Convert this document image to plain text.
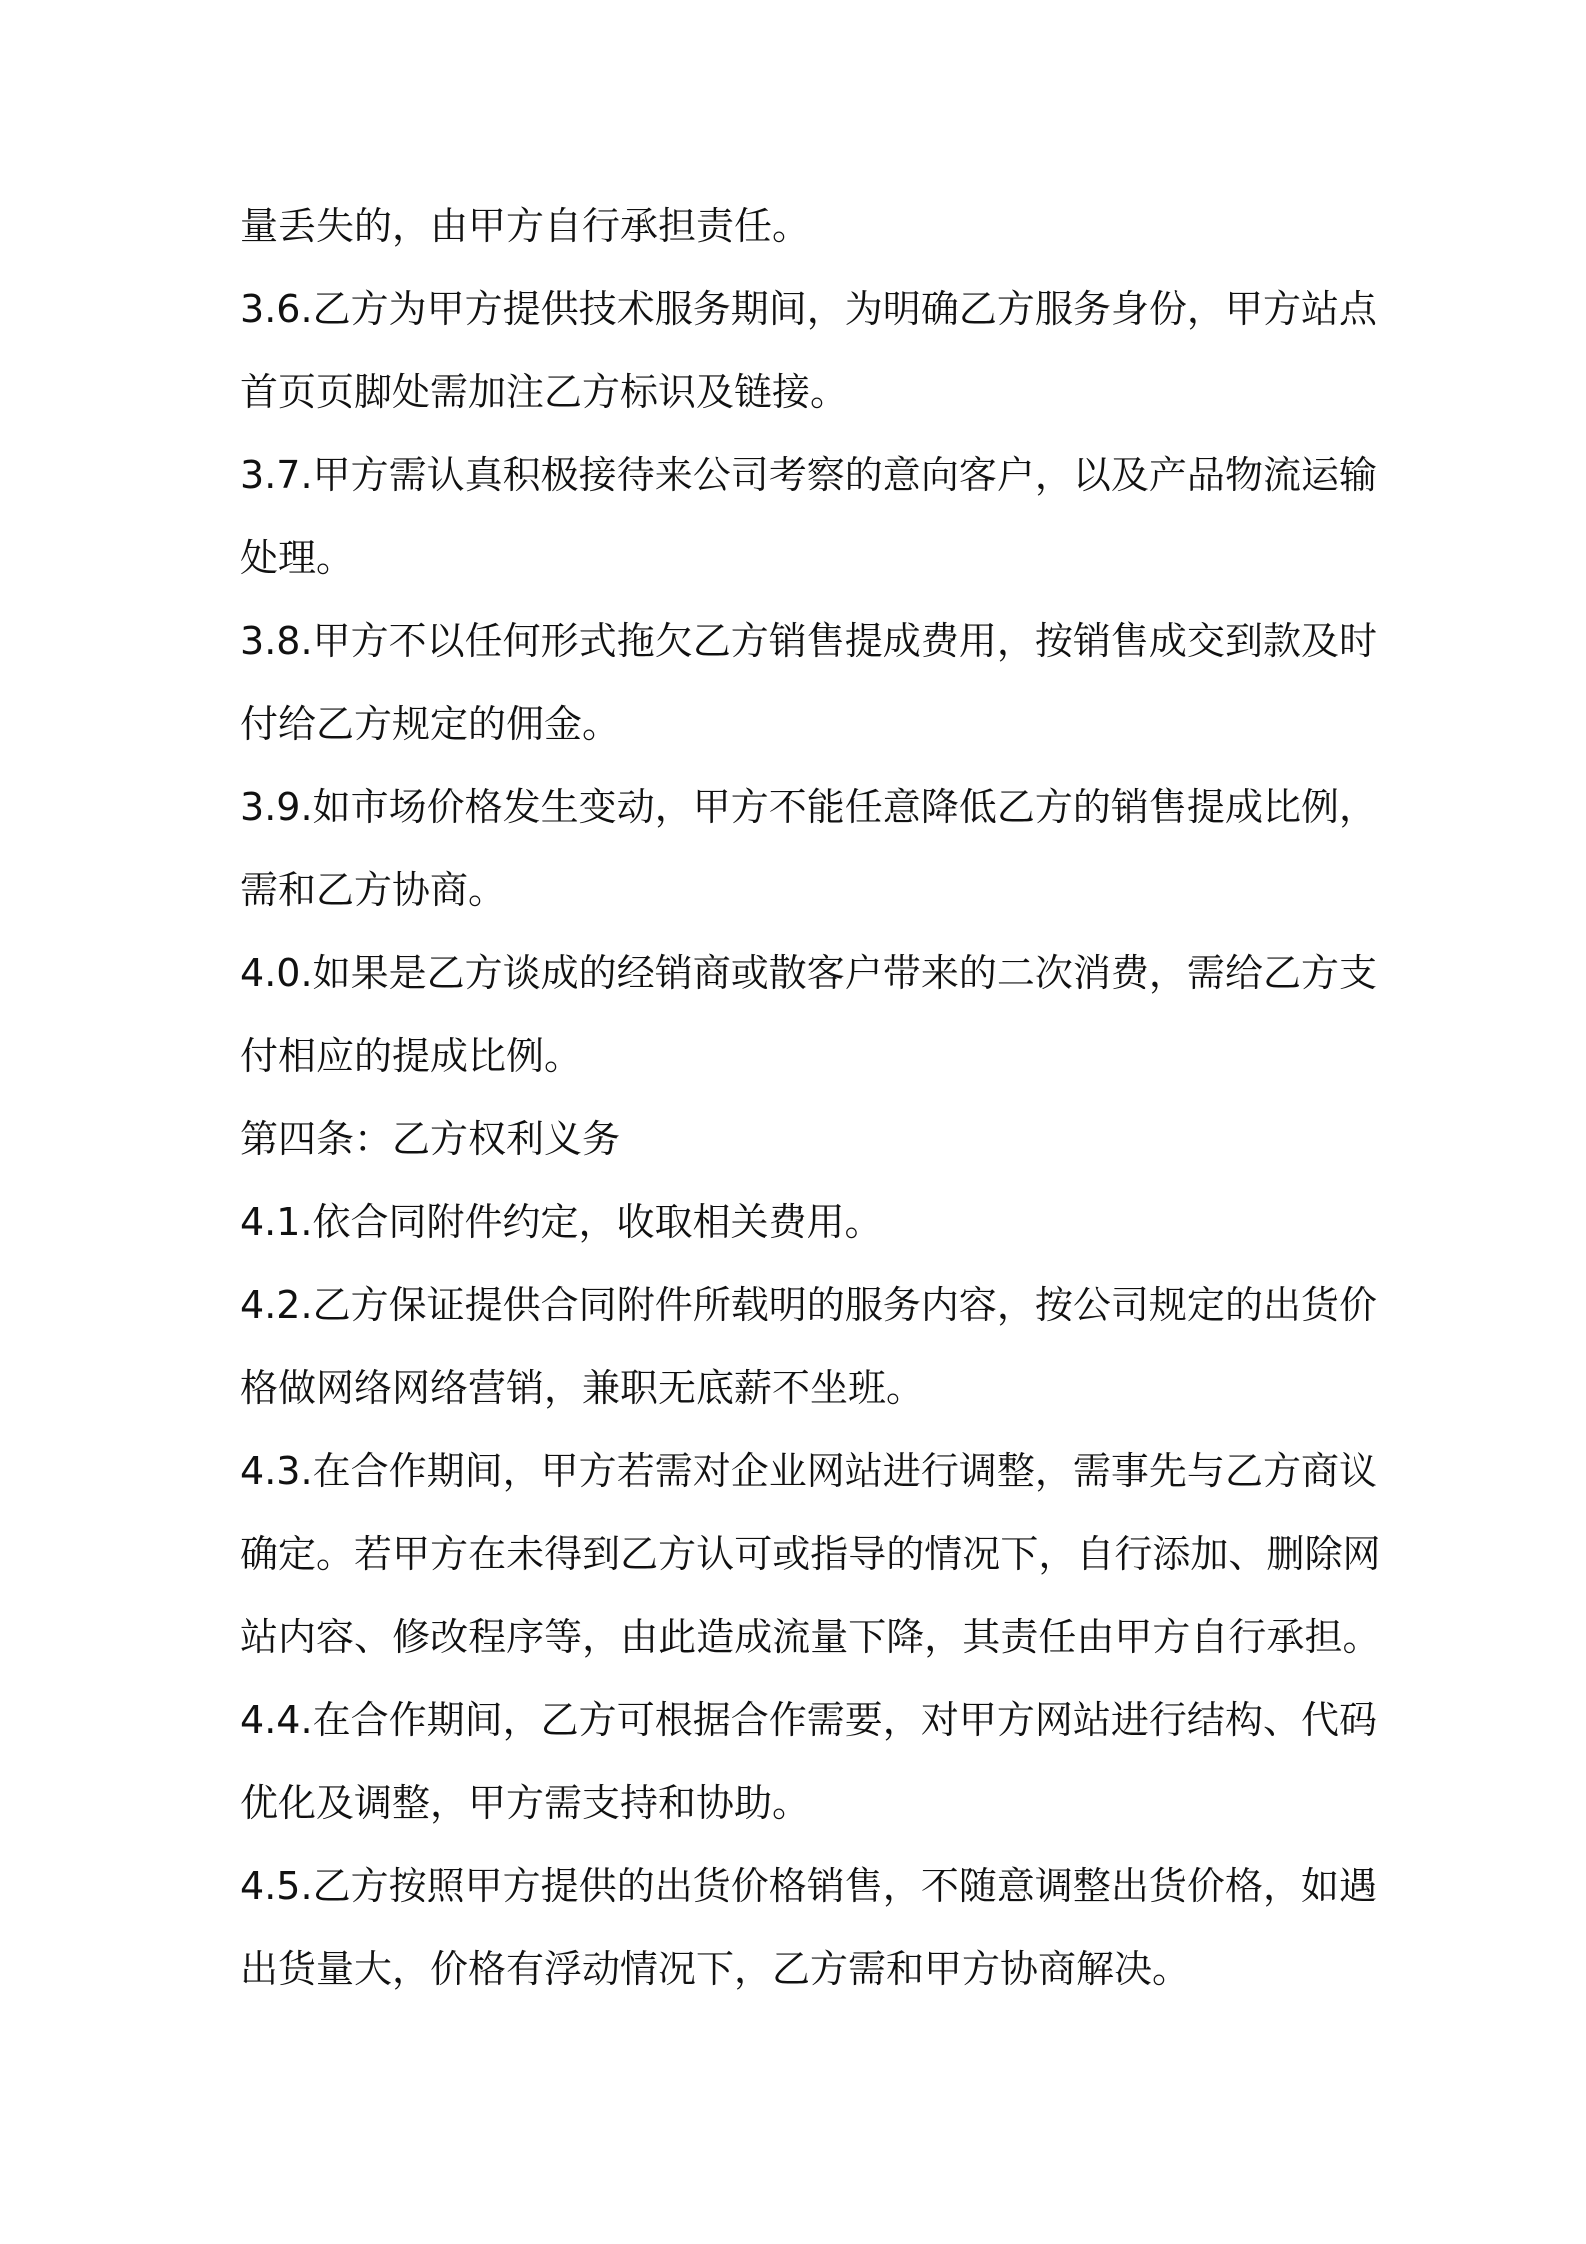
量丢失的，由甲方自行承担责任。
3 . 6 . 乙 方 为 甲 方 提 供 技 术 服 务 期 间 ， 为 明 确 乙 方 服 务 身 份 ， 甲 方 站 点
首页页脚处需加注乙方标识及链接。
3 . 7 . 甲 方 需 认 真 积 极 接 待 来 公 司 考 察 的 意 向 客 户 ， 以 及 产 品 物 流 运 输
处理。
3 . 8 . 甲 方 不 以 任 何 形 式 拖 欠 乙 方 销 售 提 成 费 用 ， 按 销 售 成 交 到 款 及 时
付给乙方规定的佣金。
3 . 9 . 如 市 场 价 格 发 生 变 动 ， 甲 方 不 能 任 意 降 低 乙 方 的 销 售 提 成 比 例 ，
需和乙方协商。
4 . 0 . 如 果 是 乙 方 谈 成 的 经 销 商 或 散 客 户 带 来 的 二 次 消 费 ， 需 给 乙 方 支
付相应的提成比例。
第四条：乙方权利义务
4.1.依合同附件约定，收取相关费用。
4 . 2 . 乙 方 保 证 提 供 合 同 附 件 所 载 明 的 服 务 内 容 ， 按 公 司 规 定 的 出 货 价
格做网络网络营销，兼职无底薪不坐班。
4 . 3 . 在 合 作 期 间 ， 甲 方 若 需 对 企 业 网 站 进 行 调 整 ， 需 事 先 与 乙 方 商 议
确 定 。 若 甲 方 在 未 得 到 乙 方 认 可 或 指 导 的 情 况 下 ， 自 行 添 加 、 删 除 网
站 内 容 、 修 改 程 序 等 ， 由 此 造 成 流 量 下 降 ， 其 责 任 由 甲 方 自 行 承 担 。
4 . 4 . 在 合 作 期 间 ， 乙 方 可 根 据 合 作 需 要 ， 对 甲 方 网 站 进 行 结 构 、 代 码
优化及调整，甲方需支持和协助。
4 . 5 . 乙 方 按 照 甲 方 提 供 的 出 货 价 格 销 售 ， 不 随 意 调 整 出 货 价 格 ， 如 遇
出货量大，价格有浮动情况下，乙方需和甲方协商解决。
